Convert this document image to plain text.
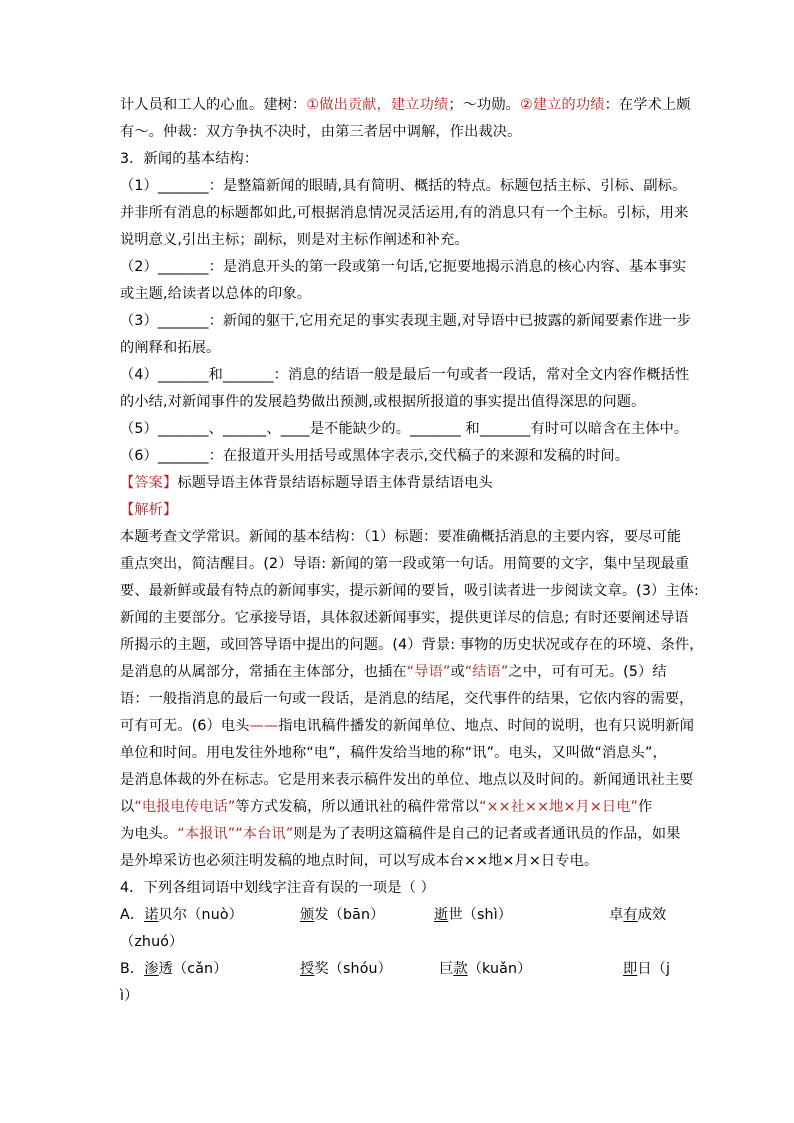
计人员和工人的心血。建树：①做出贡献，建立功绩；～功勋。②建立的功绩：在学术上颇

有～。仲裁：双方争执不决时，由第三者居中调解，作出裁决。

3．新闻的基本结构：

（1）_______：是整篇新闻的眼睛,具有简明、概括的特点。标题包括主标、引标、副标。

并非所有消息的标题都如此,可根据消息情况灵活运用,有的消息只有一个主标。引标，用来

说明意义,引出主标；副标，则是对主标作阐述和补充。

（2）_______：是消息开头的第一段或第一句话,它扼要地揭示消息的核心内容、基本事实

或主题,给读者以总体的印象。

（3）_______：新闻的躯干,它用充足的事实表现主题,对导语中已披露的新闻要素作进一步

的阐释和拓展。

（4）_______和_______：消息的结语一般是最后一句或者一段话，常对全文内容作概括性

的小结,对新闻事件的发展趋势做出预测,或根据所报道的事实提出值得深思的问题。

（5）_______、______、____是不能缺少的。_______ 和_______有时可以暗含在主体中。

（6）_______：在报道开头用括号或黑体字表示,交代稿子的来源和发稿的时间。

【答案】标题导语主体背景结语标题导语主体背景结语电头

【解析】

本题考查文学常识。新闻的基本结构：（1）标题：要准确概括消息的主要内容，要尽可能

重点突出，简洁醒目。(2）导语: 新闻的第一段或第一句话。用简要的文字，集中呈现最重

要、最新鲜或最有特点的新闻事实，提示新闻的要旨，吸引读者进一步阅读文章。(3）主体:

新闻的主要部分。它承接导语，具体叙述新闻事实，提供更详尽的信息; 有时还要阐述导语

所揭示的主题，或回答导语中提出的问题。(4）背景: 事物的历史状况或存在的环境、条件，

是消息的从属部分，常插在主体部分，也插在“导语”或“结语”之中，可有可无。(5）结

语：一般指消息的最后一句或一段话，是消息的结尾，交代事件的结果，它依内容的需要，

可有可无。(6）电头——指电讯稿件播发的新闻单位、地点、时间的说明，也有只说明新闻

单位和时间。用电发往外地称“电”，稿件发给当地的称“讯”。电头，又叫做“消息头”，

是消息体裁的外在标志。它是用来表示稿件发出的单位、地点以及时间的。新闻通讯社主要

以“电报电传电话”等方式发稿，所以通讯社的稿件常常以“××社××地×月×日电”作

为电头。“本报讯”“本台讯”则是为了表明这篇稿件是自己的记者或者通讯员的作品，如果

是外埠采访也必须注明发稿的地点时间，可以写成本台××地×月×日专电。

4．下列各组词语中划线字注音有误的一项是（ ）

A．诺贝尔（nuò）	颁发（bān）	逝世（shì）	卓有成效

（zhuó）

B．渗透（cǎn）	授奖（shóu）	巨款（kuǎn）	即日（j

ì）
